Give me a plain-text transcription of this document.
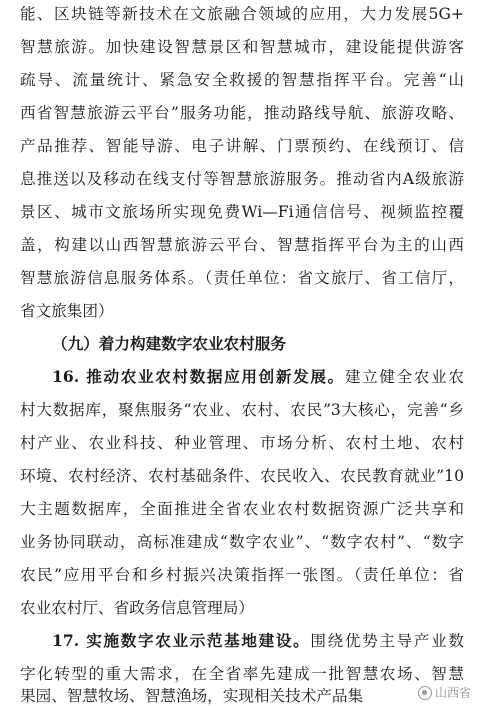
能、区块链等新技术在文旅融合领域的应用，大力发展5G+
智慧旅游。加快建设智慧景区和智慧城市，建设能提供游客
疏导、流量统计、紧急安全救援的智慧指挥平台。完善“山
西省智慧旅游云平台”服务功能，推动路线导航、旅游攻略、
产品推荐、智能导游、电子讲解、门票预约、在线预订、信
息推送以及移动在线支付等智慧旅游服务。推动省内A级旅游
景区、城市文旅场所实现免费Wi—Fi通信信号、视频监控覆
盖，构建以山西智慧旅游云平台、智慧指挥平台为主的山西
智慧旅游信息服务体系。（责任单位：省文旅厅、省工信厅，
省文旅集团）
（九）着力构建数字农业农村服务
16. 推动农业农村数据应用创新发展。建立健全农业农
村大数据库，聚焦服务“农业、农村、农民”3大核心，完善“乡
村产业、农业科技、种业管理、市场分析、农村土地、农村
环境、农村经济、农村基础条件、农民收入、农民教育就业”10
大主题数据库，全面推进全省农业农村数据资源广泛共享和
业务协同联动，高标准建成“数字农业”、“数字农村”、“数字
农民”应用平台和乡村振兴决策指挥一张图。（责任单位：省
农业农村厅、省政务信息管理局）
17. 实施数字农业示范基地建设。围绕优势主导产业数
字化转型的重大需求，在全省率先建成一批智慧农场、智慧
果园、智慧牧场、智慧渔场，实现相关技术产品集	山西省
